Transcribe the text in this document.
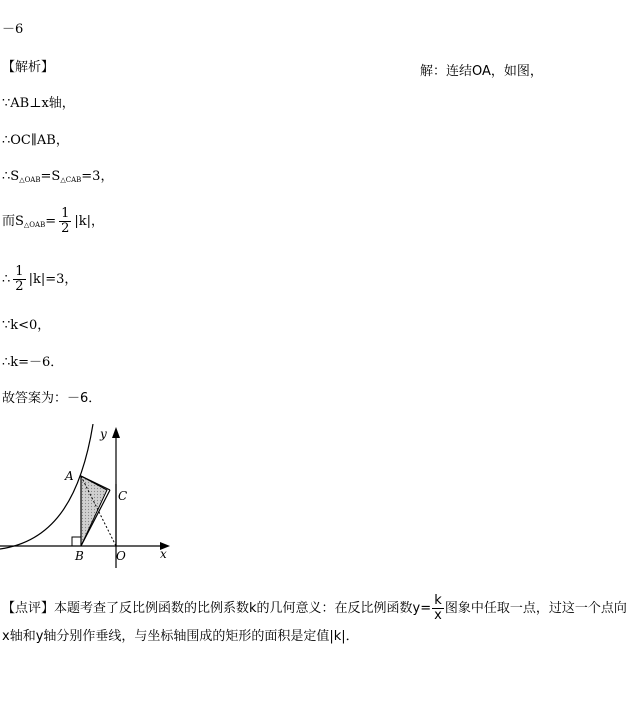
－6
【解析】	解：连结OA，如图，
∵AB⊥x轴，
∴OC∥AB，
$\therefore S_{\triangle OAB}=S_{\triangle CAB}=3$，
而$S_{\triangle OAB}= \frac{1}{2} |k|$，
∴ $\frac{1}{2} |k|=3$，
∵k<0，
∴k=－6．
故答案为：－6．
y
x
A
B
C
O
【点评】本题考查了反比例函数的比例系数k的几何意义：在反比例函数$y= \frac{k}{x}$ 图象中任取一点，过这一个点向x轴和y轴分别作垂线，与坐标轴围成的矩形的面积是定值|k|．
